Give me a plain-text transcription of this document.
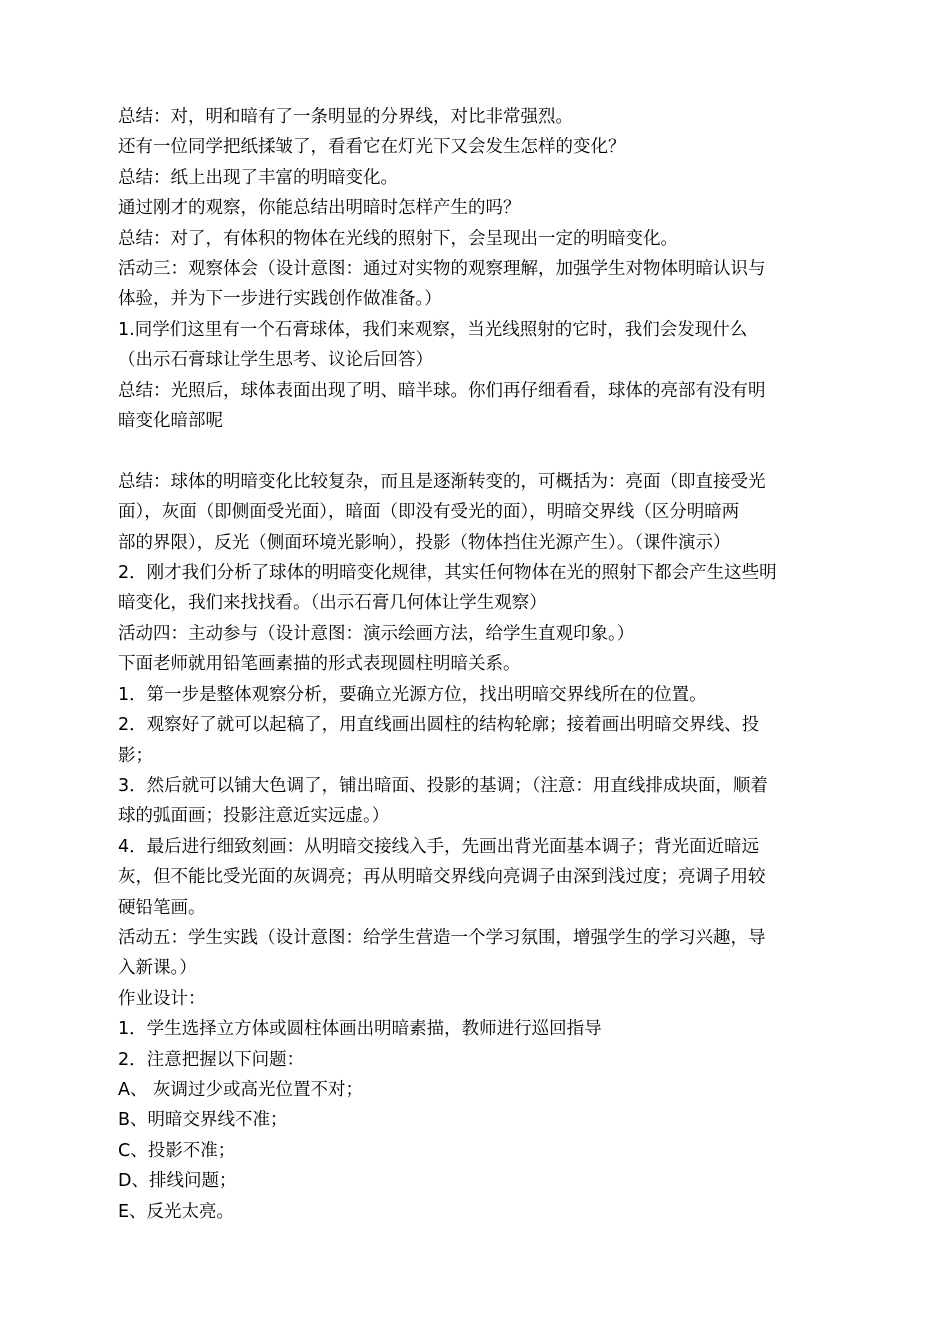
总结：对，明和暗有了一条明显的分界线，对比非常强烈。

还有一位同学把纸揉皱了，看看它在灯光下又会发生怎样的变化？

总结：纸上出现了丰富的明暗变化。

通过刚才的观察，你能总结出明暗时怎样产生的吗？

总结：对了，有体积的物体在光线的照射下，会呈现出一定的明暗变化。

活动三：观察体会（设计意图：通过对实物的观察理解，加强学生对物体明暗认识与

体验，并为下一步进行实践创作做准备。）

1.同学们这里有一个石膏球体，我们来观察，当光线照射的它时，我们会发现什么

（出示石膏球让学生思考、议论后回答）

总结：光照后，球体表面出现了明、暗半球。你们再仔细看看，球体的亮部有没有明

暗变化暗部呢

总结：球体的明暗变化比较复杂，而且是逐渐转变的，可概括为：亮面（即直接受光

面），灰面（即侧面受光面），暗面（即没有受光的面），明暗交界线（区分明暗两

部的界限），反光（侧面环境光影响），投影（物体挡住光源产生）。（课件演示）

2．刚才我们分析了球体的明暗变化规律，其实任何物体在光的照射下都会产生这些明

暗变化，我们来找找看。（出示石膏几何体让学生观察）

活动四：主动参与（设计意图：演示绘画方法，给学生直观印象。）

下面老师就用铅笔画素描的形式表现圆柱明暗关系。

1．第一步是整体观察分析，要确立光源方位，找出明暗交界线所在的位置。

2．观察好了就可以起稿了，用直线画出圆柱的结构轮廓；接着画出明暗交界线、投

影；

3．然后就可以铺大色调了，铺出暗面、投影的基调；（注意：用直线排成块面，顺着

球的弧面画；投影注意近实远虚。）

4．最后进行细致刻画：从明暗交接线入手，先画出背光面基本调子；背光面近暗远

灰，但不能比受光面的灰调亮；再从明暗交界线向亮调子由深到浅过度；亮调子用较

硬铅笔画。

活动五：学生实践（设计意图：给学生营造一个学习氛围，增强学生的学习兴趣，导

入新课。）

作业设计：

1．学生选择立方体或圆柱体画出明暗素描，教师进行巡回指导

2．注意把握以下问题：

A、 灰调过少或高光位置不对；

B、明暗交界线不准；

C、投影不准；

D、排线问题；

E、反光太亮。
